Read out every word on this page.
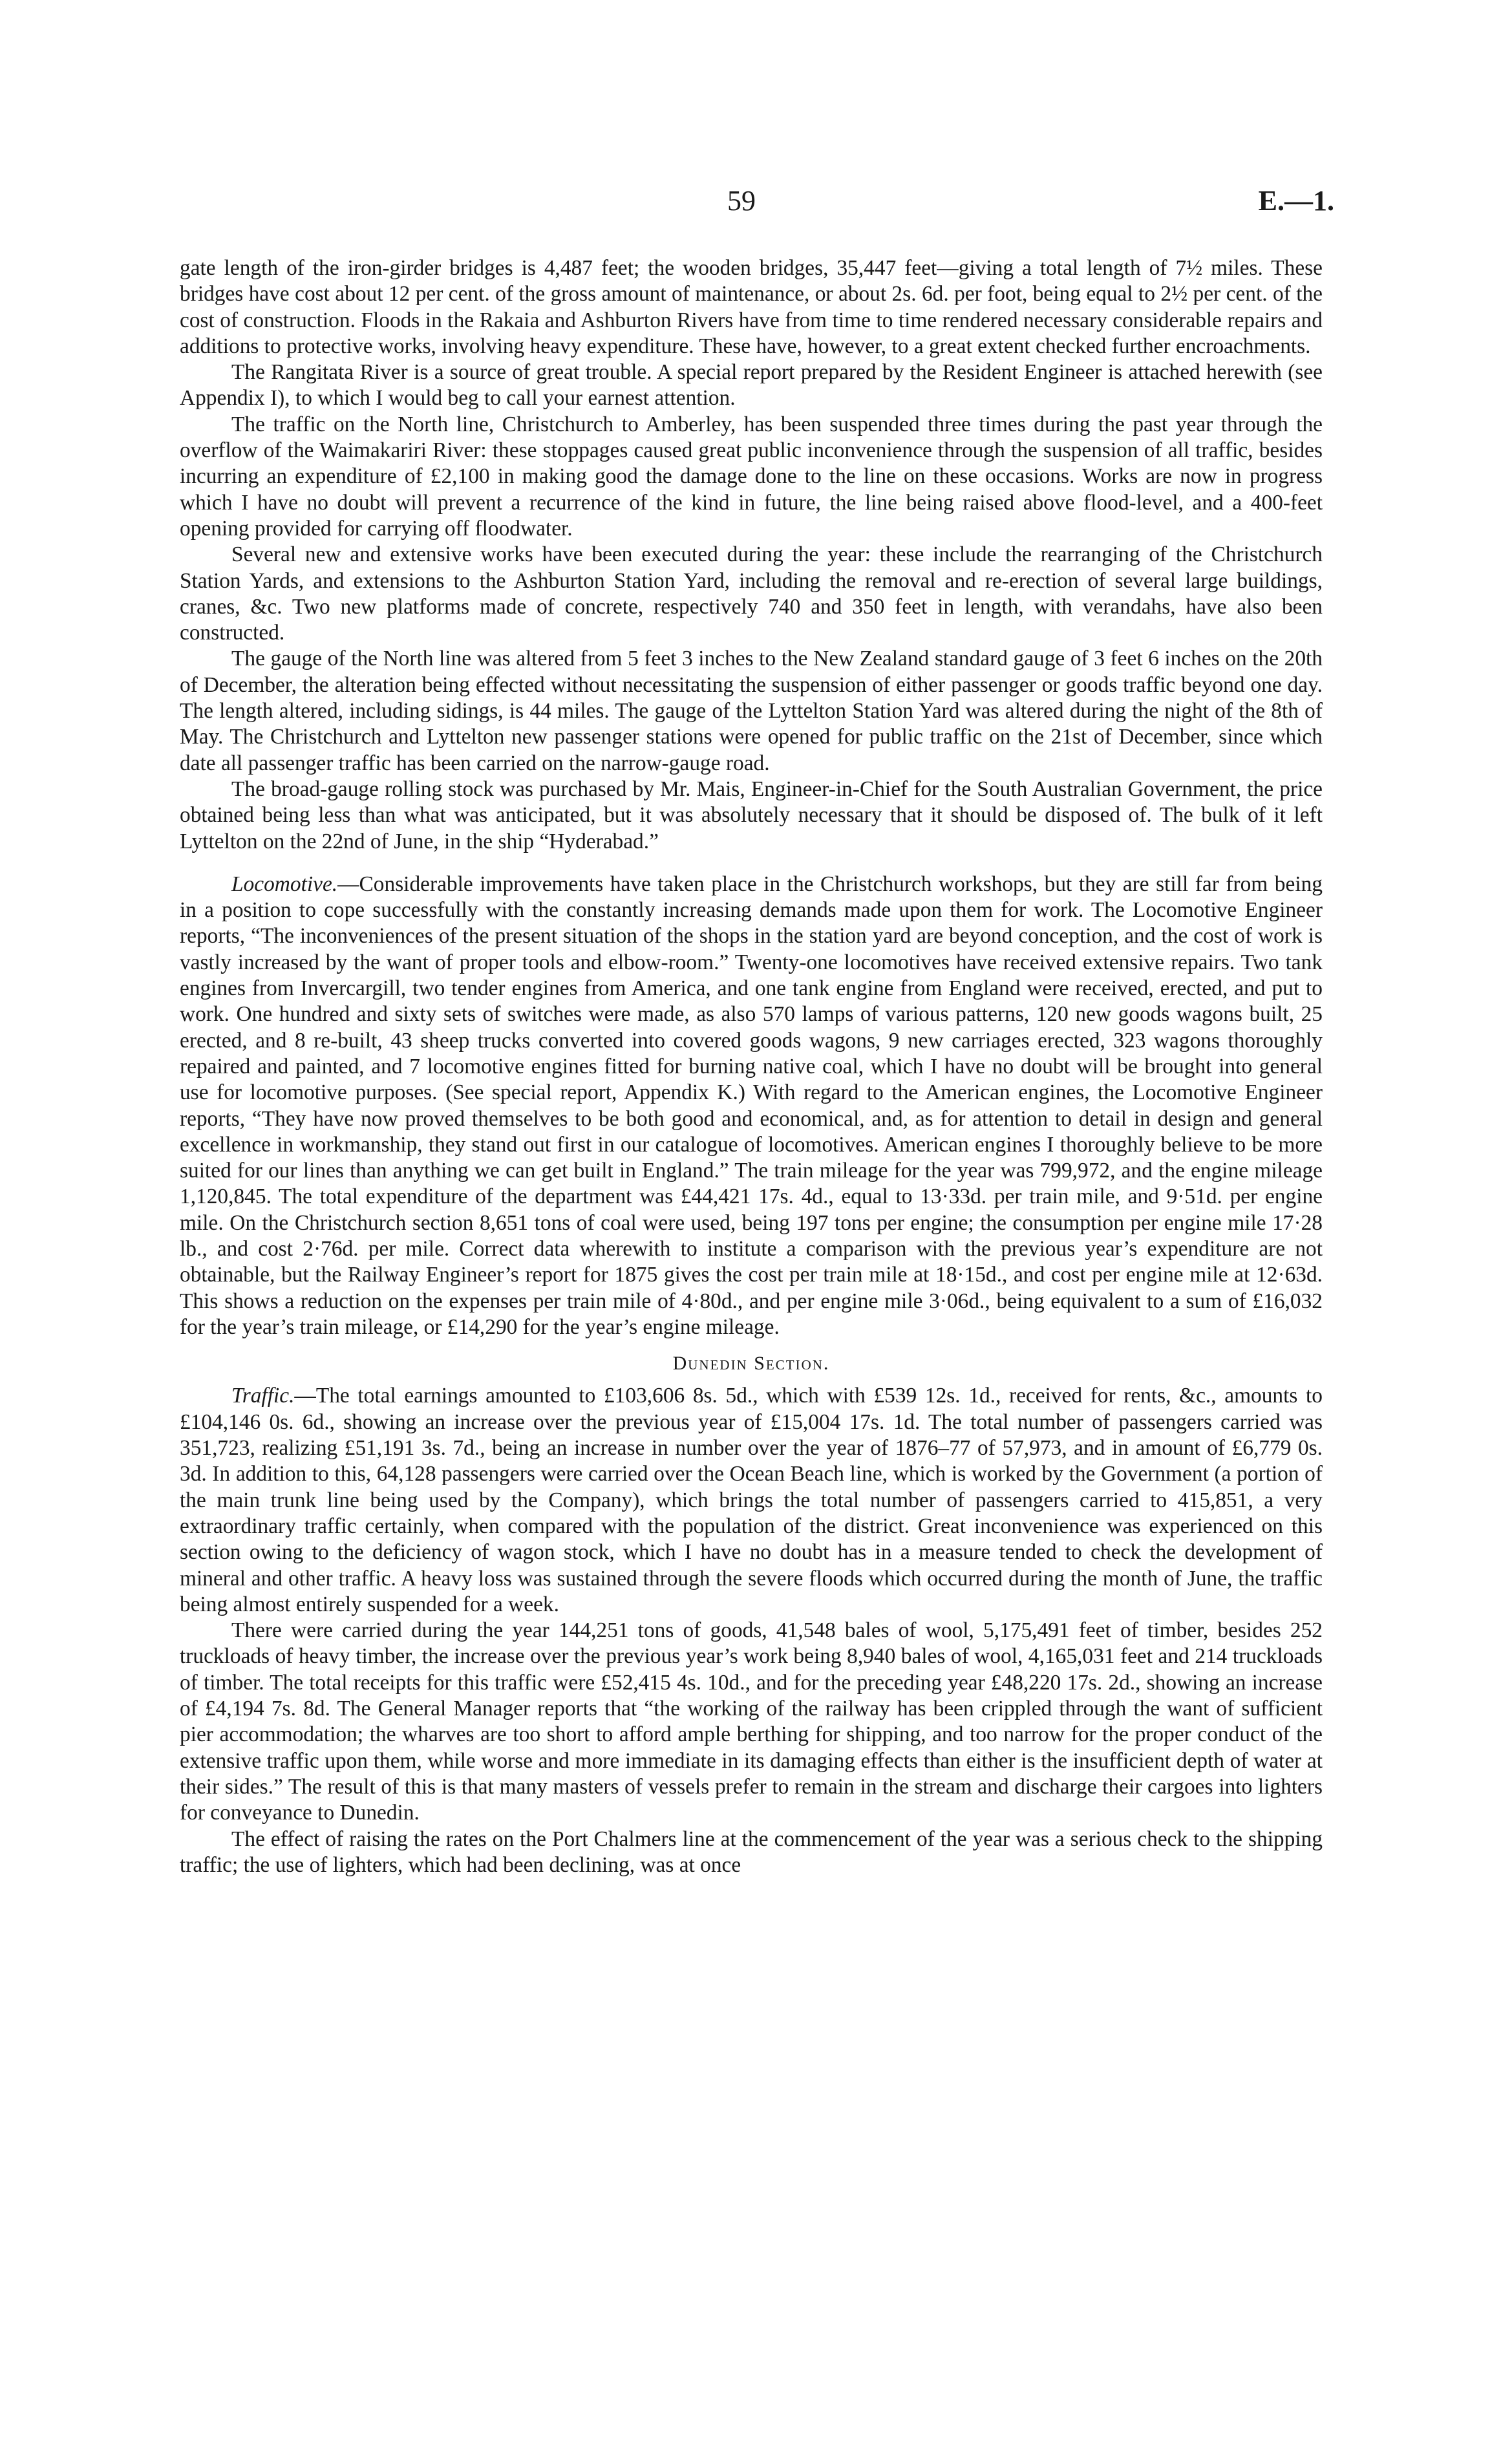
59	E.—1.

gate length of the iron-girder bridges is 4,487 feet; the wooden bridges, 35,447 feet—giving a total length of 7½ miles. These bridges have cost about 12 per cent. of the gross amount of maintenance, or about 2s. 6d. per foot, being equal to 2½ per cent. of the cost of construction. Floods in the Rakaia and Ashburton Rivers have from time to time rendered necessary considerable repairs and additions to protective works, involving heavy expenditure. These have, however, to a great extent checked further encroachments.

The Rangitata River is a source of great trouble. A special report prepared by the Resident Engineer is attached herewith (see Appendix I), to which I would beg to call your earnest attention.

The traffic on the North line, Christchurch to Amberley, has been suspended three times during the past year through the overflow of the Waimakariri River: these stoppages caused great public inconvenience through the suspension of all traffic, besides incurring an expenditure of £2,100 in making good the damage done to the line on these occasions. Works are now in progress which I have no doubt will prevent a recurrence of the kind in future, the line being raised above flood-level, and a 400-feet opening provided for carrying off floodwater.

Several new and extensive works have been executed during the year: these include the rearranging of the Christchurch Station Yards, and extensions to the Ashburton Station Yard, including the removal and re-erection of several large buildings, cranes, &c. Two new platforms made of concrete, respectively 740 and 350 feet in length, with verandahs, have also been constructed.

The gauge of the North line was altered from 5 feet 3 inches to the New Zealand standard gauge of 3 feet 6 inches on the 20th of December, the alteration being effected without necessitating the suspension of either passenger or goods traffic beyond one day. The length altered, including sidings, is 44 miles. The gauge of the Lyttelton Station Yard was altered during the night of the 8th of May. The Christchurch and Lyttelton new passenger stations were opened for public traffic on the 21st of December, since which date all passenger traffic has been carried on the narrow-gauge road.

The broad-gauge rolling stock was purchased by Mr. Mais, Engineer-in-Chief for the South Australian Government, the price obtained being less than what was anticipated, but it was absolutely necessary that it should be disposed of. The bulk of it left Lyttelton on the 22nd of June, in the ship “Hyderabad.”

Locomotive.—Considerable improvements have taken place in the Christchurch workshops, but they are still far from being in a position to cope successfully with the constantly increasing demands made upon them for work. The Locomotive Engineer reports, “The inconveniences of the present situation of the shops in the station yard are beyond conception, and the cost of work is vastly increased by the want of proper tools and elbow-room.” Twenty-one locomotives have received extensive repairs. Two tank engines from Invercargill, two tender engines from America, and one tank engine from England were received, erected, and put to work. One hundred and sixty sets of switches were made, as also 570 lamps of various patterns, 120 new goods wagons built, 25 erected, and 8 re-built, 43 sheep trucks converted into covered goods wagons, 9 new carriages erected, 323 wagons thoroughly repaired and painted, and 7 locomotive engines fitted for burning native coal, which I have no doubt will be brought into general use for locomotive purposes. (See special report, Appendix K.) With regard to the American engines, the Locomotive Engineer reports, “They have now proved themselves to be both good and economical, and, as for attention to detail in design and general excellence in workmanship, they stand out first in our catalogue of locomotives. American engines I thoroughly believe to be more suited for our lines than anything we can get built in England.” The train mileage for the year was 799,972, and the engine mileage 1,120,845. The total expenditure of the department was £44,421 17s. 4d., equal to 13·33d. per train mile, and 9·51d. per engine mile. On the Christchurch section 8,651 tons of coal were used, being 197 tons per engine; the consumption per engine mile 17·28 lb., and cost 2·76d. per mile. Correct data wherewith to institute a comparison with the previous year’s expenditure are not obtainable, but the Railway Engineer’s report for 1875 gives the cost per train mile at 18·15d., and cost per engine mile at 12·63d. This shows a reduction on the expenses per train mile of 4·80d., and per engine mile 3·06d., being equivalent to a sum of £16,032 for the year’s train mileage, or £14,290 for the year’s engine mileage.

Dunedin Section.

Traffic.—The total earnings amounted to £103,606 8s. 5d., which with £539 12s. 1d., received for rents, &c., amounts to £104,146 0s. 6d., showing an increase over the previous year of £15,004 17s. 1d. The total number of passengers carried was 351,723, realizing £51,191 3s. 7d., being an increase in number over the year of 1876–77 of 57,973, and in amount of £6,779 0s. 3d. In addition to this, 64,128 passengers were carried over the Ocean Beach line, which is worked by the Government (a portion of the main trunk line being used by the Company), which brings the total number of passengers carried to 415,851, a very extraordinary traffic certainly, when compared with the population of the district. Great inconvenience was experienced on this section owing to the deficiency of wagon stock, which I have no doubt has in a measure tended to check the development of mineral and other traffic. A heavy loss was sustained through the severe floods which occurred during the month of June, the traffic being almost entirely suspended for a week.

There were carried during the year 144,251 tons of goods, 41,548 bales of wool, 5,175,491 feet of timber, besides 252 truckloads of heavy timber, the increase over the previous year’s work being 8,940 bales of wool, 4,165,031 feet and 214 truckloads of timber. The total receipts for this traffic were £52,415 4s. 10d., and for the preceding year £48,220 17s. 2d., showing an increase of £4,194 7s. 8d. The General Manager reports that “the working of the railway has been crippled through the want of sufficient pier accommodation; the wharves are too short to afford ample berthing for shipping, and too narrow for the proper conduct of the extensive traffic upon them, while worse and more immediate in its damaging effects than either is the insufficient depth of water at their sides.” The result of this is that many masters of vessels prefer to remain in the stream and discharge their cargoes into lighters for conveyance to Dunedin.

The effect of raising the rates on the Port Chalmers line at the commencement of the year was a serious check to the shipping traffic; the use of lighters, which had been declining, was at once
